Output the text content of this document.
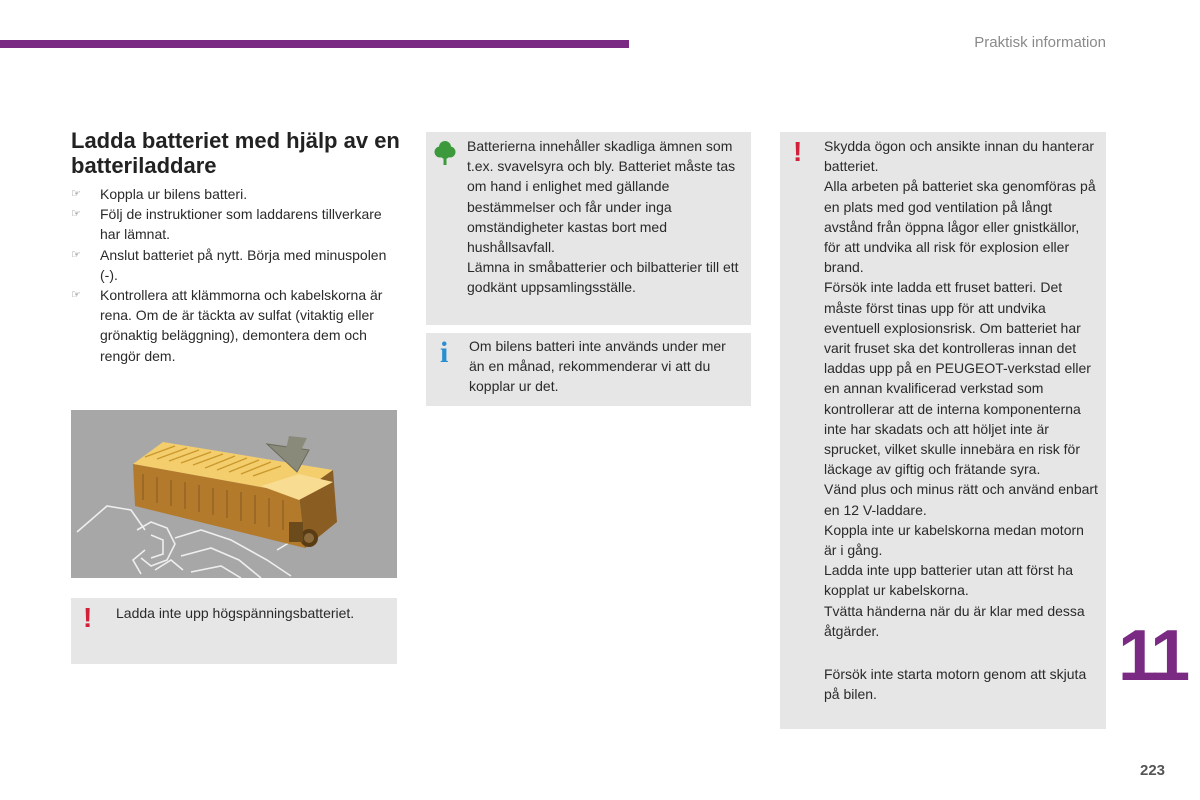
Praktisk information
Ladda batteriet med hjälp av en batteriladdare
☞ Koppla ur bilens batteri.
☞ Följ de instruktioner som laddarens tillverkare har lämnat.
☞ Anslut batteriet på nytt. Börja med minuspolen (-).
☞ Kontrollera att klämmorna och kabelskorna är rena. Om de är täckta av sulfat (vitaktig eller grönaktig beläggning), demontera dem och rengör dem.
! Ladda inte upp högspänningsbatteriet.

Batterierna innehåller skadliga ämnen som t.ex. svavelsyra och bly. Batteriet måste tas om hand i enlighet med gällande bestämmelser och får under inga omständigheter kastas bort med hushållsavfall.

Lämna in småbatterier och bilbatterier till ett godkänt uppsamlingsställe.

i Om bilens batteri inte används under mer än en månad, rekommenderar vi att du kopplar ur det.

! Skydda ögon och ansikte innan du hanterar batteriet.

Alla arbeten på batteriet ska genomföras på en plats med god ventilation på långt avstånd från öppna lågor eller gnistkällor, för att undvika all risk för explosion eller brand.

Försök inte ladda ett fruset batteri. Det måste först tinas upp för att undvika eventuell explosionsrisk. Om batteriet har varit fruset ska det kontrolleras innan det laddas upp på en PEUGEOT-verkstad eller en annan kvalificerad verkstad som kontrollerar att de interna komponenterna inte har skadats och att höljet inte är sprucket, vilket skulle innebära en risk för läckage av giftig och frätande syra.

Vänd plus och minus rätt och använd enbart en 12 V-laddare.

Koppla inte ur kabelskorna medan motorn är i gång.

Ladda inte upp batterier utan att först ha kopplat ur kabelskorna.

Tvätta händerna när du är klar med dessa åtgärder.

Försök inte starta motorn genom att skjuta på bilen.	11
223
